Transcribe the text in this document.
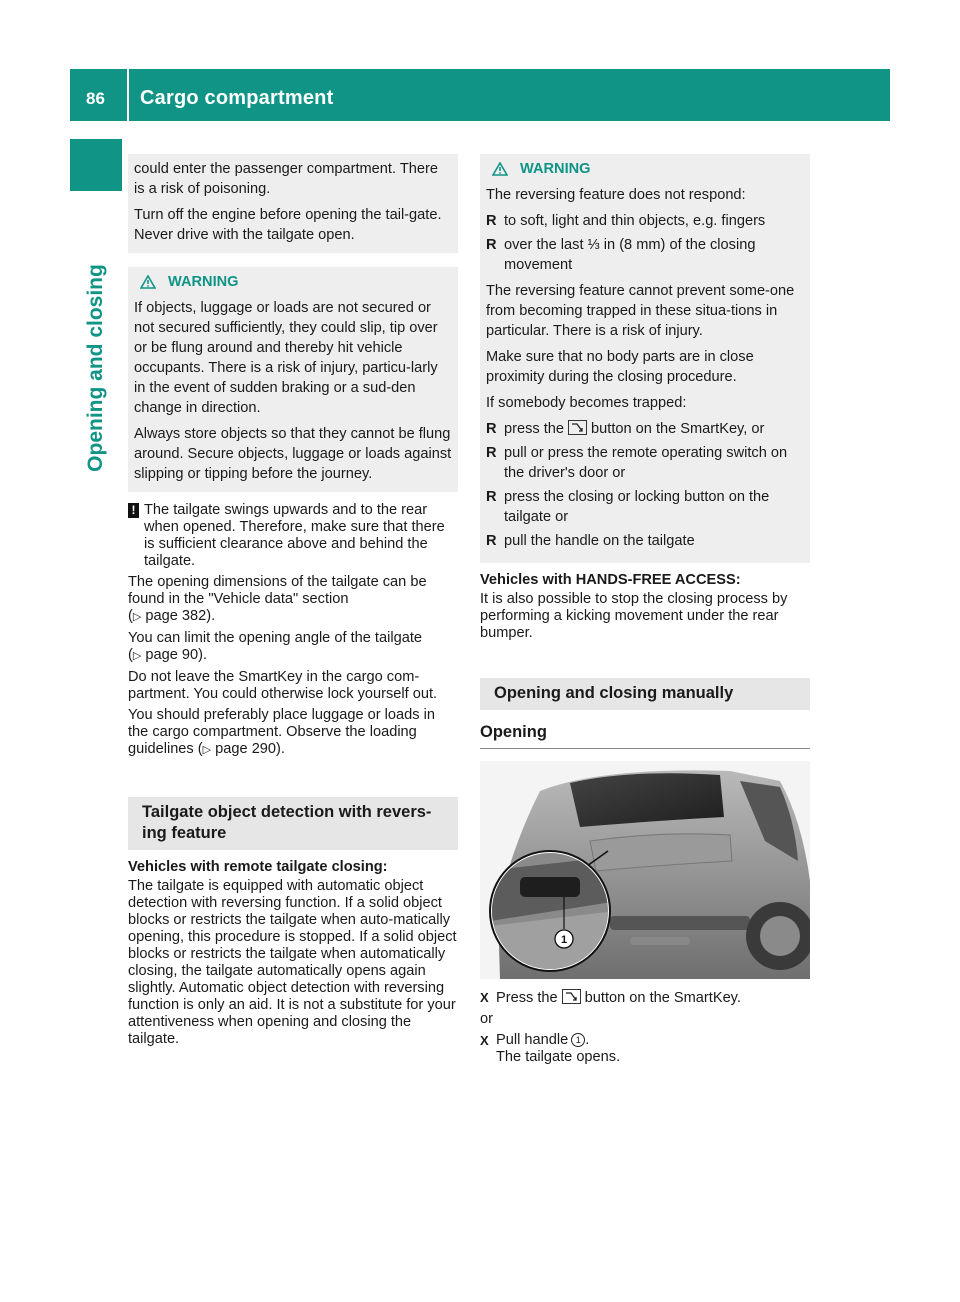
86 Cargo compartment
Opening and closing

could enter the passenger compartment. There is a risk of poisoning.

Turn off the engine before opening the tail-gate. Never drive with the tailgate open.

WARNING

If objects, luggage or loads are not secured or not secured sufficiently, they could slip, tip over or be flung around and thereby hit vehicle occupants. There is a risk of injury, particu-larly in the event of sudden braking or a sud-den change in direction.

Always store objects so that they cannot be flung around. Secure objects, luggage or loads against slipping or tipping before the journey.

! The tailgate swings upwards and to the rear when opened. Therefore, make sure that there is sufficient clearance above and behind the tailgate.

The opening dimensions of the tailgate can be found in the "Vehicle data" section
(▷ page 382).

You can limit the opening angle of the tailgate
(▷ page 90).

Do not leave the SmartKey in the cargo com-partment. You could otherwise lock yourself out.

You should preferably place luggage or loads in the cargo compartment. Observe the loading guidelines (▷ page 290).

Tailgate object detection with revers-ing feature
Vehicles with remote tailgate closing:

The tailgate is equipped with automatic object detection with reversing function. If a solid object blocks or restricts the tailgate when auto-matically opening, this procedure is stopped. If a solid object blocks or restricts the tailgate when automatically closing, the tailgate automatically opens again slightly. Automatic object detection with reversing function is only an aid. It is not a substitute for your attentiveness when opening and closing the tailgate.

WARNING

The reversing feature does not respond:

R to soft, light and thin objects, e.g. fingers
R over the last ⅓ in (8 mm) of the closing movement

The reversing feature cannot prevent some-one from becoming trapped in these situa-tions in particular. There is a risk of injury.

Make sure that no body parts are in close proximity during the closing procedure.

If somebody becomes trapped:

R press the button on the SmartKey, or
R pull or press the remote operating switch on the driver's door or
R press the closing or locking button on the tailgate or
R pull the handle on the tailgate
Vehicles with HANDS-FREE ACCESS:

It is also possible to stop the closing process by performing a kicking movement under the rear bumper.

Opening and closing manually
Opening
1

X Press the button on the SmartKey.

or

X Pull handle 1 .
The tailgate opens.
